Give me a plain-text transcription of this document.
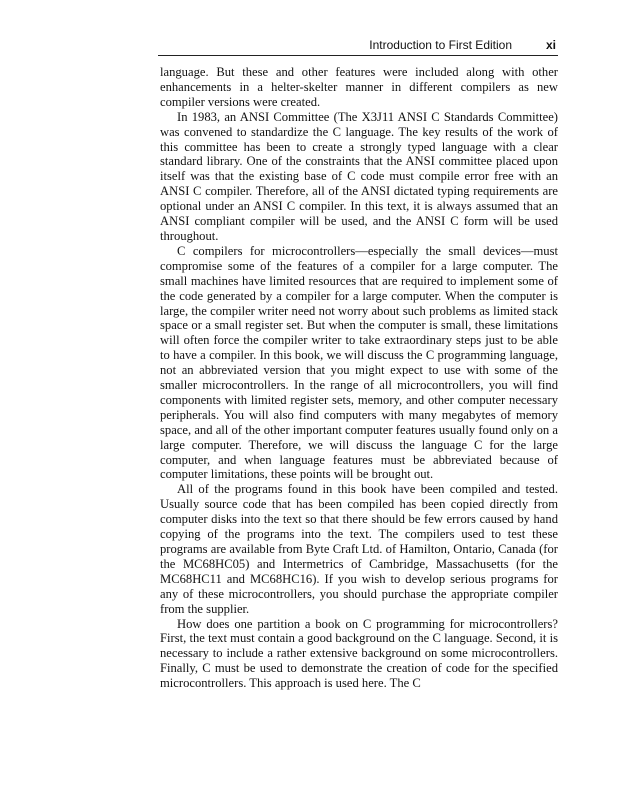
Introduction to First Edition	xi

language. But these and other features were included along with other enhancements in a helter-skelter manner in different compilers as new compiler versions were created.

In 1983, an ANSI Committee (The X3J11 ANSI C Standards Committee) was convened to standardize the C language. The key results of the work of this committee has been to create a strongly typed language with a clear standard library. One of the constraints that the ANSI committee placed upon itself was that the existing base of C code must compile error free with an ANSI C compiler. Therefore, all of the ANSI dictated typing requirements are optional under an ANSI C compiler. In this text, it is always assumed that an ANSI compliant compiler will be used, and the ANSI C form will be used throughout.

C compilers for microcontrollers—especially the small devices—must compromise some of the features of a compiler for a large computer. The small machines have limited resources that are required to implement some of the code generated by a compiler for a large computer. When the computer is large, the compiler writer need not worry about such problems as limited stack space or a small register set. But when the computer is small, these limitations will often force the compiler writer to take extraordinary steps just to be able to have a compiler. In this book, we will discuss the C programming language, not an abbreviated version that you might expect to use with some of the smaller microcontrollers. In the range of all microcontrollers, you will find components with limited register sets, memory, and other computer necessary peripherals. You will also find computers with many megabytes of memory space, and all of the other important computer features usually found only on a large computer. Therefore, we will discuss the language C for the large computer, and when language features must be abbreviated because of computer limitations, these points will be brought out.

All of the programs found in this book have been compiled and tested. Usually source code that has been compiled has been copied directly from computer disks into the text so that there should be few errors caused by hand copying of the programs into the text. The compilers used to test these programs are available from Byte Craft Ltd. of Hamilton, Ontario, Canada (for the MC68HC05) and Intermetrics of Cambridge, Massachusetts (for the MC68HC11 and MC68HC16). If you wish to develop serious programs for any of these microcontrollers, you should purchase the appropriate compiler from the supplier.

How does one partition a book on C programming for microcontrollers? First, the text must contain a good background on the C language. Second, it is necessary to include a rather extensive background on some microcontrollers. Finally, C must be used to demonstrate the creation of code for the specified microcontrollers. This approach is used here. The C
